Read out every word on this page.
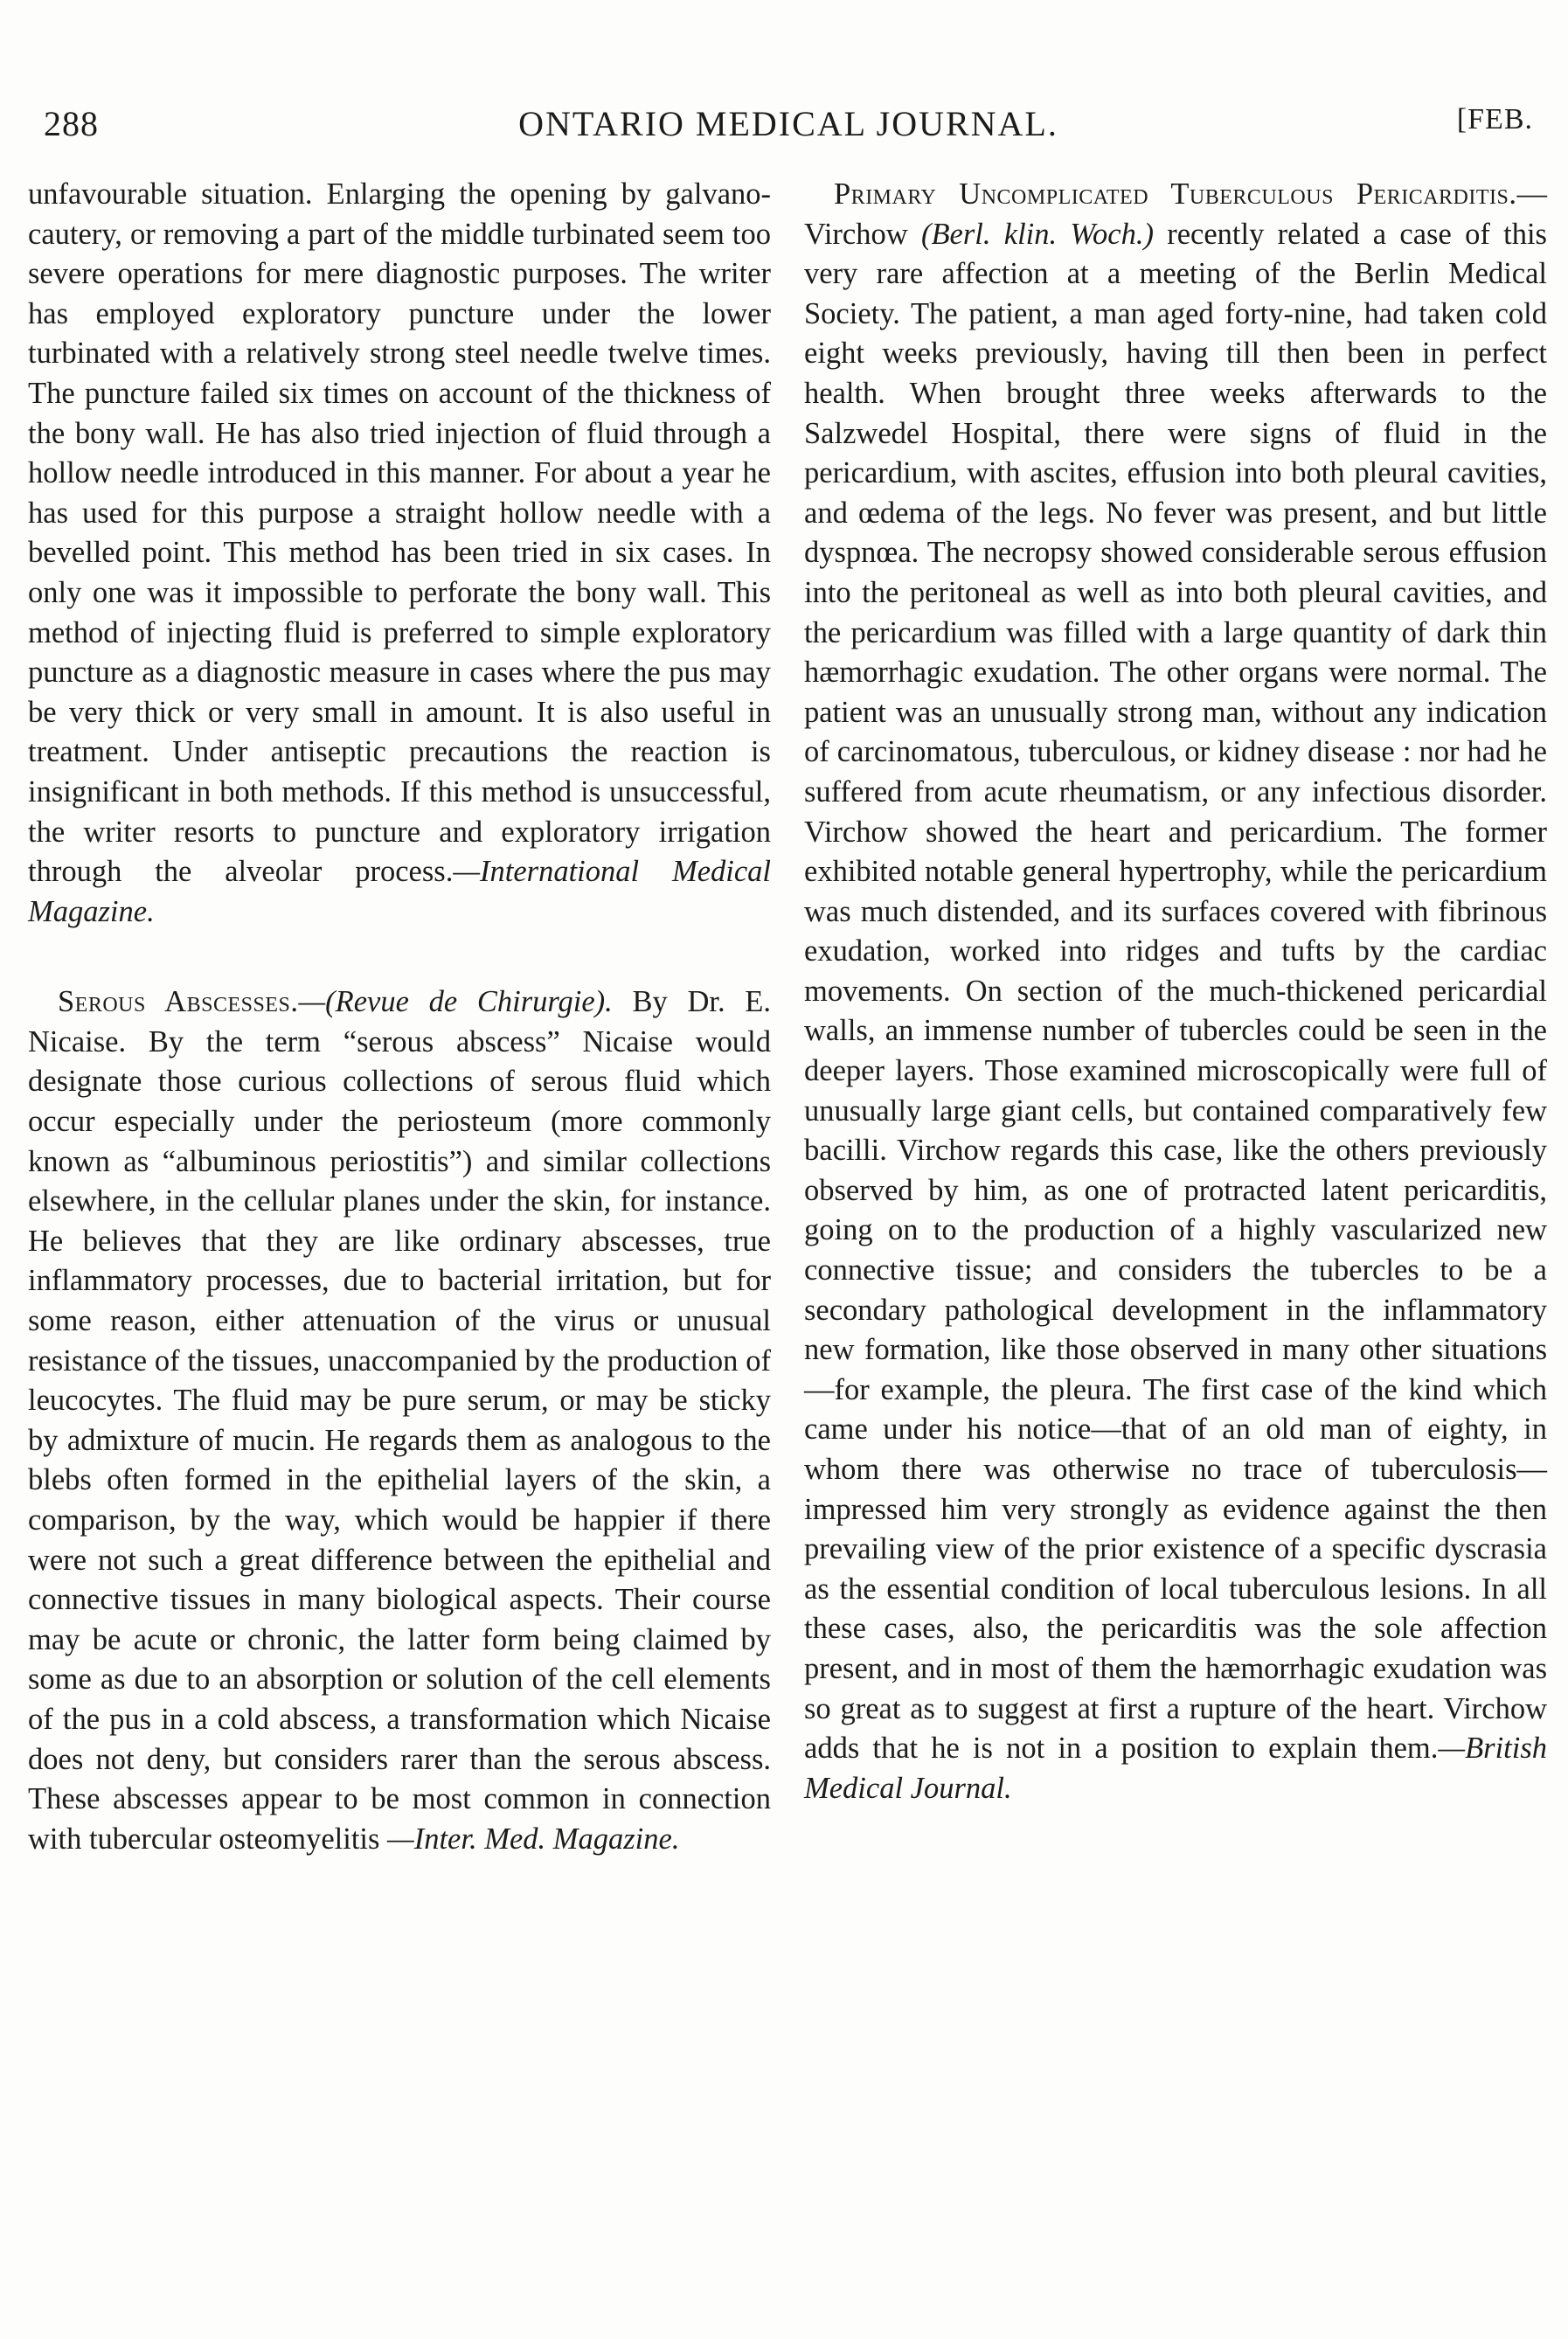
288	ONTARIO MEDICAL JOURNAL.	[FEB.

unfavourable situation. Enlarging the opening by galvano-cautery, or removing a part of the middle turbinated seem too severe operations for mere diagnostic purposes. The writer has employed exploratory puncture under the lower turbinated with a relatively strong steel needle twelve times. The puncture failed six times on account of the thickness of the bony wall. He has also tried injection of fluid through a hollow needle introduced in this manner. For about a year he has used for this purpose a straight hollow needle with a bevelled point. This method has been tried in six cases. In only one was it impossible to perforate the bony wall. This method of injecting fluid is preferred to simple exploratory puncture as a diagnostic measure in cases where the pus may be very thick or very small in amount. It is also useful in treatment. Under antiseptic precautions the reaction is insignificant in both methods. If this method is unsuccessful, the writer resorts to puncture and exploratory irrigation through the alveolar process.—International Medical Magazine.

Serous Abscesses.—(Revue de Chirurgie). By Dr. E. Nicaise. By the term “serous abscess” Nicaise would designate those curious collections of serous fluid which occur especially under the periosteum (more commonly known as “albuminous periostitis”) and similar collections elsewhere, in the cellular planes under the skin, for instance. He believes that they are like ordinary abscesses, true inflammatory processes, due to bacterial irritation, but for some reason, either attenuation of the virus or unusual resistance of the tissues, unaccompanied by the production of leucocytes. The fluid may be pure serum, or may be sticky by admixture of mucin. He regards them as analogous to the blebs often formed in the epithelial layers of the skin, a comparison, by the way, which would be happier if there were not such a great difference between the epithelial and connective tissues in many biological aspects. Their course may be acute or chronic, the latter form being claimed by some as due to an absorption or solution of the cell elements of the pus in a cold abscess, a transformation which Nicaise does not deny, but considers rarer than the serous abscess. These abscesses appear to be most common in connection with tubercular osteomyelitis —Inter. Med. Magazine.

Primary Uncomplicated Tuberculous Pericarditis.—Virchow (Berl. klin. Woch.) recently related a case of this very rare affection at a meeting of the Berlin Medical Society. The patient, a man aged forty-nine, had taken cold eight weeks previously, having till then been in perfect health. When brought three weeks afterwards to the Salzwedel Hospital, there were signs of fluid in the pericardium, with ascites, effusion into both pleural cavities, and œdema of the legs. No fever was present, and but little dyspnœa. The necropsy showed considerable serous effusion into the peritoneal as well as into both pleural cavities, and the pericardium was filled with a large quantity of dark thin hæmorrhagic exudation. The other organs were normal. The patient was an unusually strong man, without any indication of carcinomatous, tuberculous, or kidney disease : nor had he suffered from acute rheumatism, or any infectious disorder. Virchow showed the heart and pericardium. The former exhibited notable general hypertrophy, while the pericardium was much distended, and its surfaces covered with fibrinous exudation, worked into ridges and tufts by the cardiac movements. On section of the much-thickened pericardial walls, an immense number of tubercles could be seen in the deeper layers. Those examined microscopically were full of unusually large giant cells, but contained comparatively few bacilli. Virchow regards this case, like the others previously observed by him, as one of protracted latent pericarditis, going on to the production of a highly vascularized new connective tissue; and considers the tubercles to be a secondary pathological development in the inflammatory new formation, like those observed in many other situations—for example, the pleura. The first case of the kind which came under his notice—that of an old man of eighty, in whom there was otherwise no trace of tuberculosis—impressed him very strongly as evidence against the then prevailing view of the prior existence of a specific dyscrasia as the essential condition of local tuberculous lesions. In all these cases, also, the pericarditis was the sole affection present, and in most of them the hæmorrhagic exudation was so great as to suggest at first a rupture of the heart. Virchow adds that he is not in a position to explain them.—British Medical Journal.
